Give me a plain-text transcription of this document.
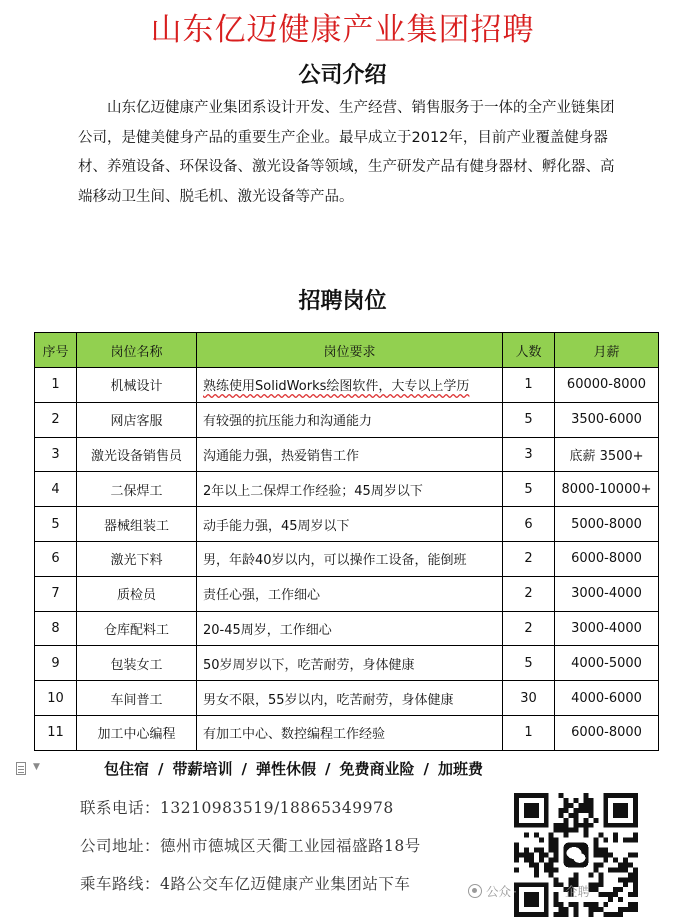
山东亿迈健康产业集团招聘
公司介绍

山东亿迈健康产业集团系设计开发、生产经营、销售服务于一体的全产业链集团公司，是健美健身产品的重要生产企业。最早成立于2012年，目前产业覆盖健身器材、养殖设备、环保设备、激光设备等领域，生产研发产品有健身器材、孵化器、高端移动卫生间、脱毛机、激光设备等产品。

招聘岗位
序号	岗位名称	岗位要求	人数	月薪
1	机械设计	熟练使用SolidWorks绘图软件，大专以上学历	1	60000-8000
2	网店客服	有较强的抗压能力和沟通能力	5	3500-6000
3	激光设备销售员	沟通能力强，热爱销售工作	3	底薪 3500+
4	二保焊工	2年以上二保焊工作经验；45周岁以下	5	8000-10000+
5	器械组装工	动手能力强，45周岁以下	6	5000-8000
6	激光下料	男，年龄40岁以内，可以操作工设备，能倒班	2	6000-8000
7	质检员	责任心强，工作细心	2	3000-4000
8	仓库配料工	20-45周岁，工作细心	2	3000-4000
9	包装女工	50岁周岁以下，吃苦耐劳，身体健康	5	4000-5000
10	车间普工	男女不限，55岁以内，吃苦耐劳，身体健康	30	4000-6000
11	加工中心编程	有加工中心、数控编程工作经验	1	6000-8000
▼	包住宿 / 带薪培训 / 弹性休假 / 免费商业险 / 加班费
联系电话：13210983519/18865349978
公司地址：德州市德城区天衢工业园福盛路18号
乘车路线：4路公交车亿迈健康产业集团站下车	公众 ·	企聘
